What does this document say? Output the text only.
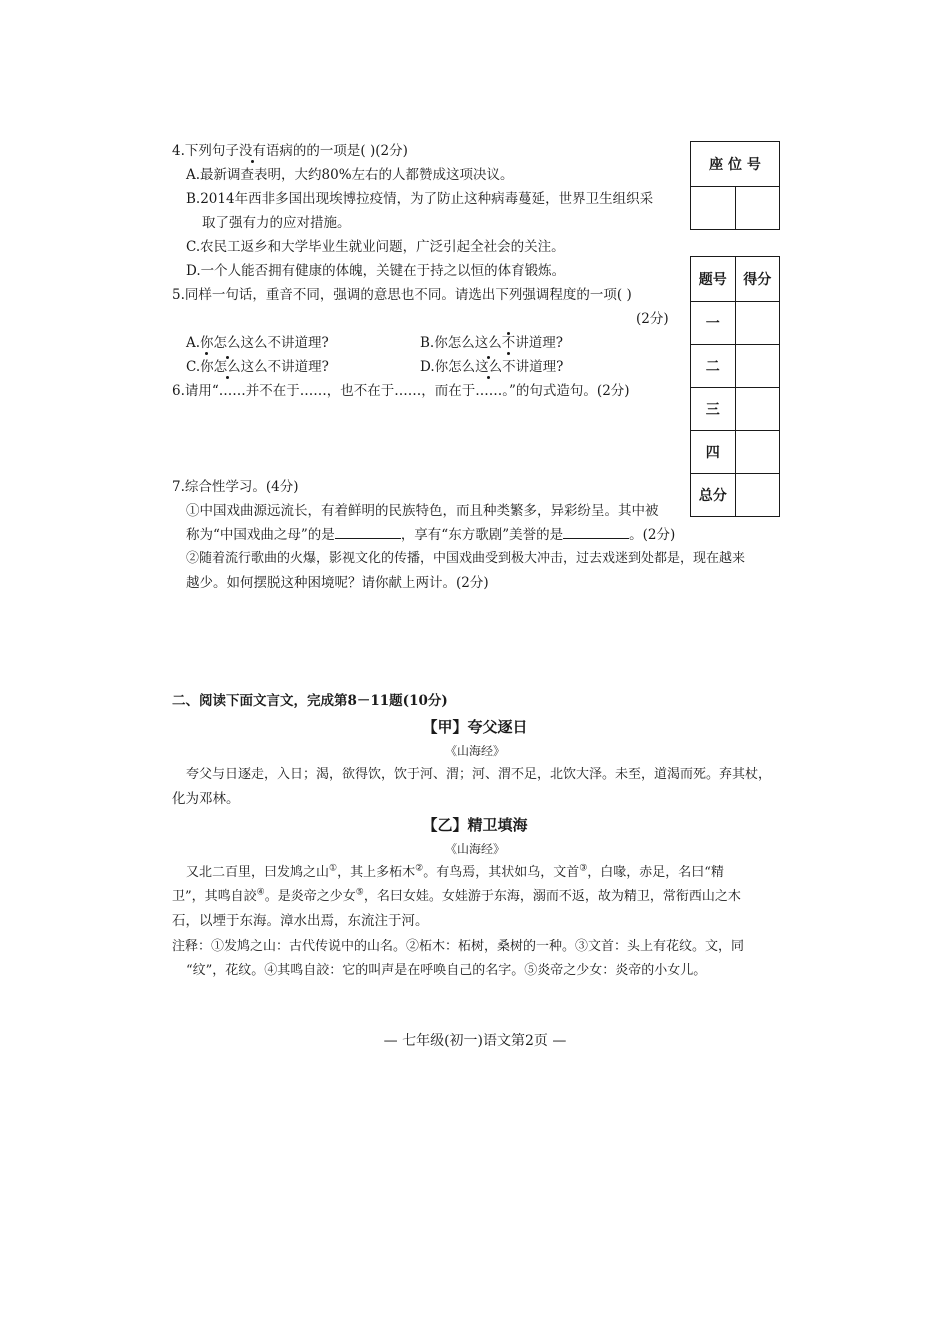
座 位 号

题号	得分
一	
二	
三	
四	
总分	
4.下列句子没有语病的的一项是( )(2分)
A.最新调查表明，大约80%左右的人都赞成这项决议。
B.2014年西非多国出现埃博拉疫情，为了防止这种病毒蔓延，世界卫生组织采
取了强有力的应对措施。
C.农民工返乡和大学毕业生就业问题，广泛引起全社会的关注。
D.一个人能否拥有健康的体魄，关键在于持之以恒的体育锻炼。
5.同样一句话，重音不同，强调的意思也不同。请选出下列强调程度的一项( )
(2分)
A.你怎么这么不讲道理?	B.你怎么这么不讲道理?
C.你怎么这么不讲道理?	D.你怎么这么不讲道理?
6.请用“……并不在于……，也不在于……，而在于……。”的句式造句。(2分)
7.综合性学习。(4分)
①中国戏曲源远流长，有着鲜明的民族特色，而且种类繁多，异彩纷呈。其中被
称为“中国戏曲之母”的是	，享有“东方歌剧”美誉的是	。(2分)
②随着流行歌曲的火爆，影视文化的传播，中国戏曲受到极大冲击，过去戏迷到处都是，现在越来
越少。如何摆脱这种困境呢？请你献上两计。(2分)
二、阅读下面文言文，完成第8－11题(10分)
【甲】夸父逐日
《山海经》
夸父与日逐走，入日；渴，欲得饮，饮于河、渭；河、渭不足，北饮大泽。未至，道渴而死。弃其杖，
化为邓林。
【乙】精卫填海
《山海经》
又北二百里，曰发鸠之山①，其上多柘木②。有鸟焉，其状如乌，文首③，白喙，赤足，名曰“精
卫”，其鸣自詨④。是炎帝之少女⑤，名曰女娃。女娃游于东海，溺而不返，故为精卫，常衔西山之木
石，以堙于东海。漳水出焉，东流注于河。
注释：①发鸠之山：古代传说中的山名。②柘木：柘树，桑树的一种。③文首：头上有花纹。文，同
“纹”，花纹。④其鸣自詨：它的叫声是在呼唤自己的名字。⑤炎帝之少女：炎帝的小女儿。
— 七年级(初一)语文第2页 —
